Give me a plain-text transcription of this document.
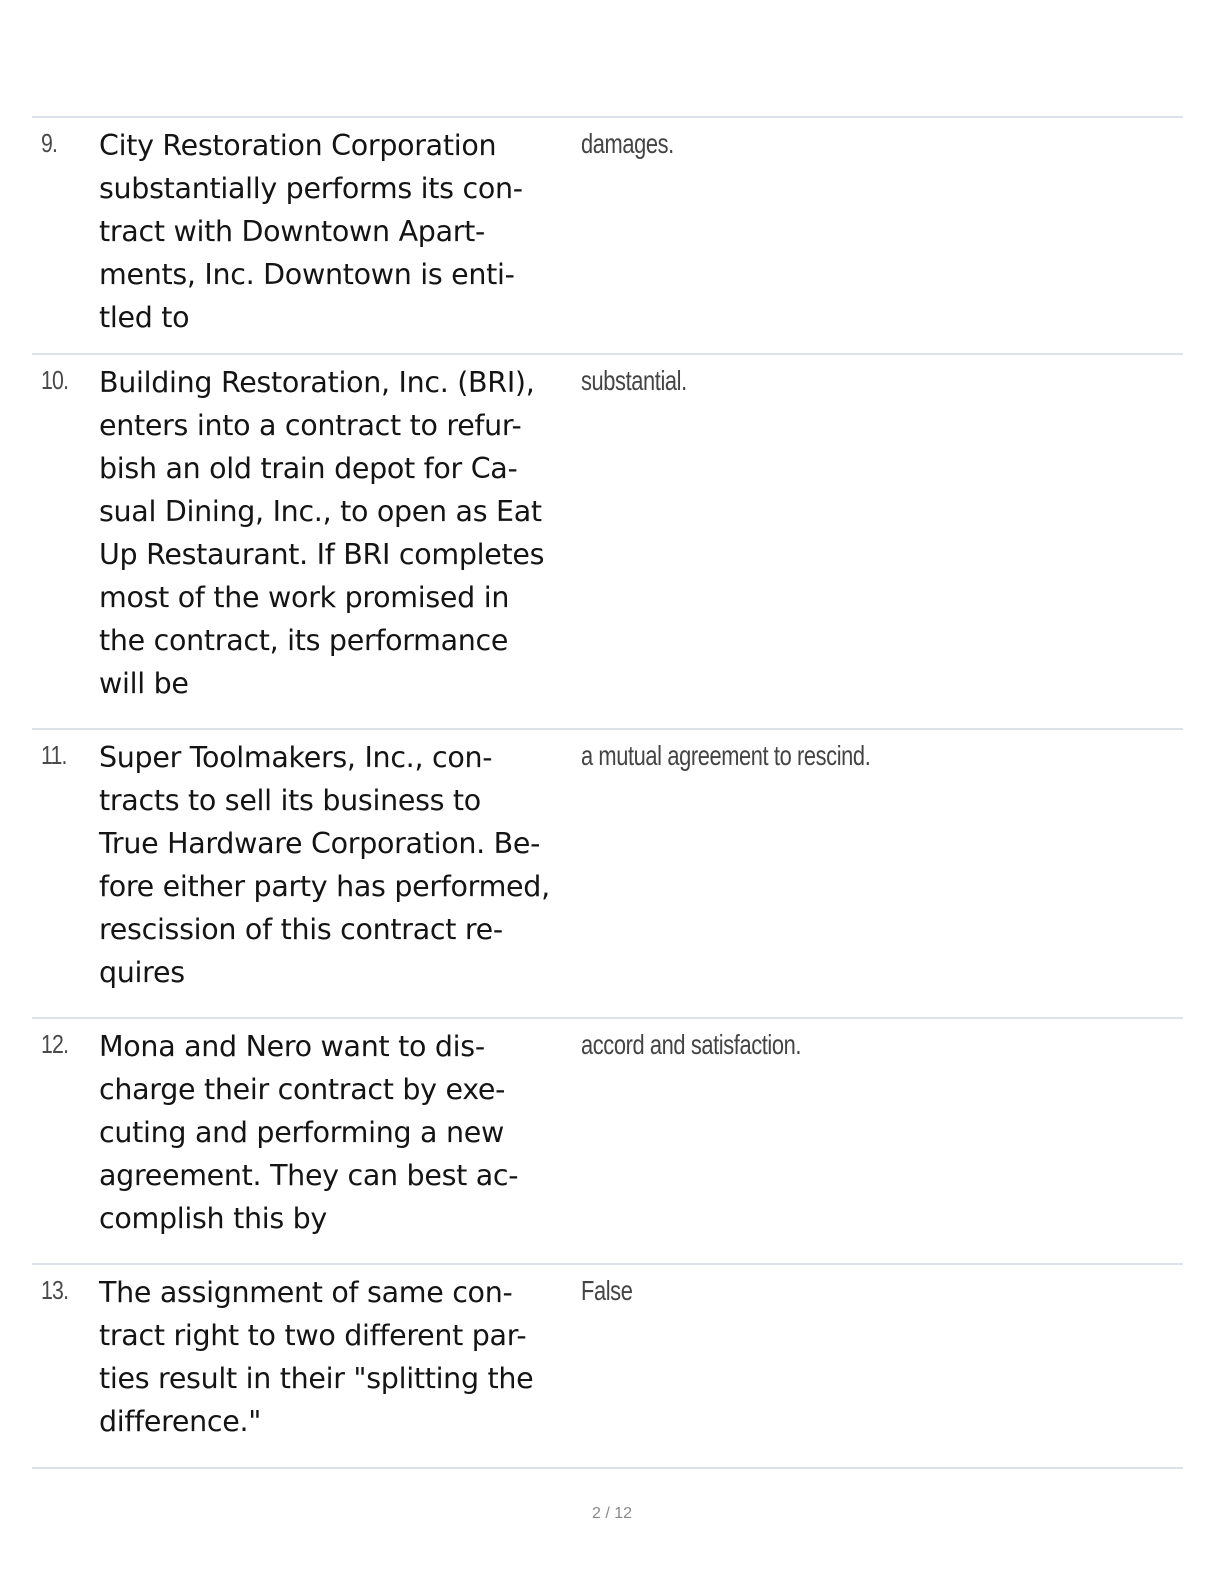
9. City Restoration Corporation
substantially performs its con-
tract with Downtown Apart-
ments, Inc. Downtown is enti-
tled to
damages.
10. Building Restoration, Inc. (BRI),
enters into a contract to refur-
bish an old train depot for Ca-
sual Dining, Inc., to open as Eat
Up Restaurant. If BRI completes
most of the work promised in
the contract, its performance
will be
substantial.
11. Super Toolmakers, Inc., con-
tracts to sell its business to
True Hardware Corporation. Be-
fore either party has performed,
rescission of this contract re-
quires
a mutual agreement to rescind.
12. Mona and Nero want to dis-
charge their contract by exe-
cuting and performing a new
agreement. They can best ac-
complish this by
accord and satisfaction.
13. The assignment of same con-
tract right to two different par-
ties result in their "splitting the
difference."
False
2 / 12
